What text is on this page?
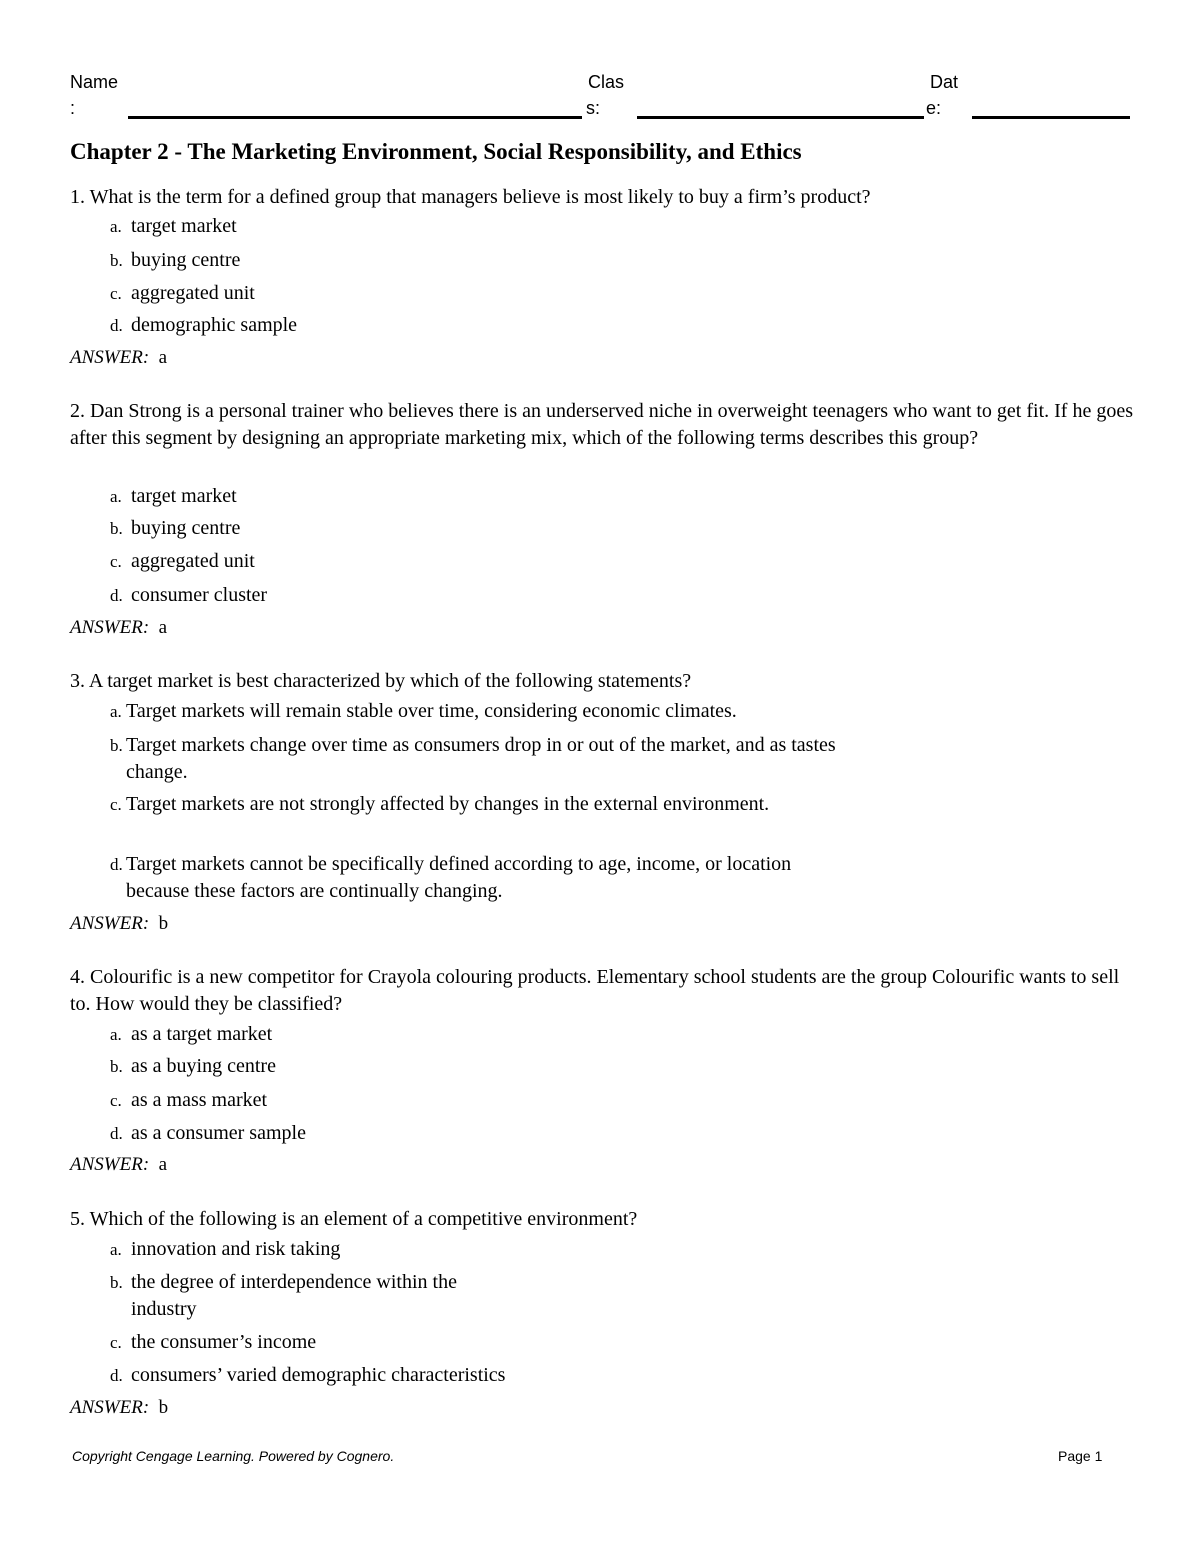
Name
:
Clas
s:
Dat
e:
Chapter 2 - The Marketing Environment, Social Responsibility, and Ethics
1. What is the term for a defined group that managers believe is most likely to buy a firm’s product?
a. target market
b. buying centre
c. aggregated unit
d. demographic sample
ANSWER: a
2. Dan Strong is a personal trainer who believes there is an underserved niche in overweight teenagers who want to get fit. If he goes after this segment by designing an appropriate marketing mix, which of the following terms describes this group?
a. target market
b. buying centre
c. aggregated unit
d. consumer cluster
ANSWER: a
3. A target market is best characterized by which of the following statements?
a. Target markets will remain stable over time, considering economic climates.
b. Target markets change over time as consumers drop in or out of the market, and as tastes change.
c. Target markets are not strongly affected by changes in the external environment.
d. Target markets cannot be specifically defined according to age, income, or location because these factors are continually changing.
ANSWER: b
4. Colourific is a new competitor for Crayola colouring products. Elementary school students are the group Colourific wants to sell to. How would they be classified?
a. as a target market
b. as a buying centre
c. as a mass market
d. as a consumer sample
ANSWER: a
5. Which of the following is an element of a competitive environment?
a. innovation and risk taking
b. the degree of interdependence within the industry
c. the consumer’s income
d. consumers’ varied demographic characteristics
ANSWER: b
Copyright Cengage Learning. Powered by Cognero.	Page 1
